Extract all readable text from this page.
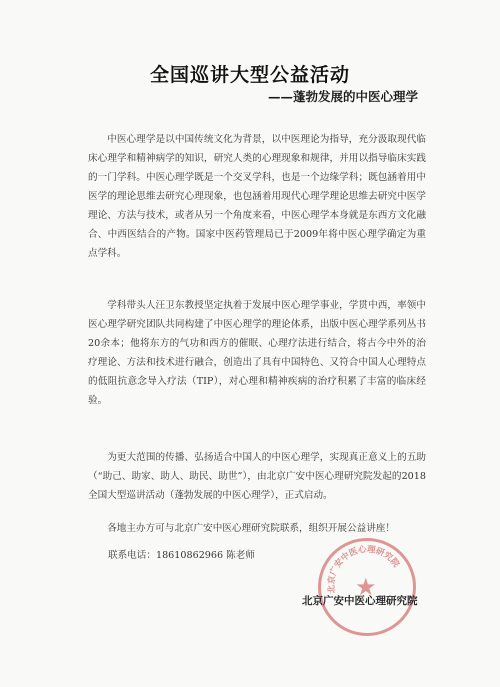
全国巡讲大型公益活动
——蓬勃发展的中医心理学
中医心理学是以中国传统文化为背景，以中医理论为指导，充分汲取现代临床心理学和精神病学的知识，研究人类的心理现象和规律，并用以指导临床实践的一门学科。中医心理学既是一个交叉学科，也是一个边缘学科；既包涵着用中医学的理论思维去研究心理现象，也包涵着用现代心理学理论思维去研究中医学理论、方法与技术，或者从另一个角度来看，中医心理学本身就是东西方文化融合、中西医结合的产物。国家中医药管理局已于2009年将中医心理学确定为重点学科。
学科带头人汪卫东教授坚定执着于发展中医心理学事业，学贯中西，率领中医心理学研究团队共同构建了中医心理学的理论体系，出版中医心理学系列丛书20余本；他将东方的气功和西方的催眠、心理疗法进行结合，将古今中外的治疗理论、方法和技术进行融合，创造出了具有中国特色、又符合中国人心理特点的低阻抗意念导入疗法（TIP），对心理和精神疾病的治疗积累了丰富的临床经验。
为更大范围的传播、弘扬适合中国人的中医心理学，实现真正意义上的五助（“助己、助家、助人、助民、助世”），由北京广安中医心理研究院发起的2018全国大型巡讲活动（蓬勃发展的中医心理学），正式启动。
各地主办方可与北京广安中医心理研究院联系，组织开展公益讲座！
联系电话：18610862966 陈老师
北京广安中医心理研究院
★
北京广安中医心理研究院
